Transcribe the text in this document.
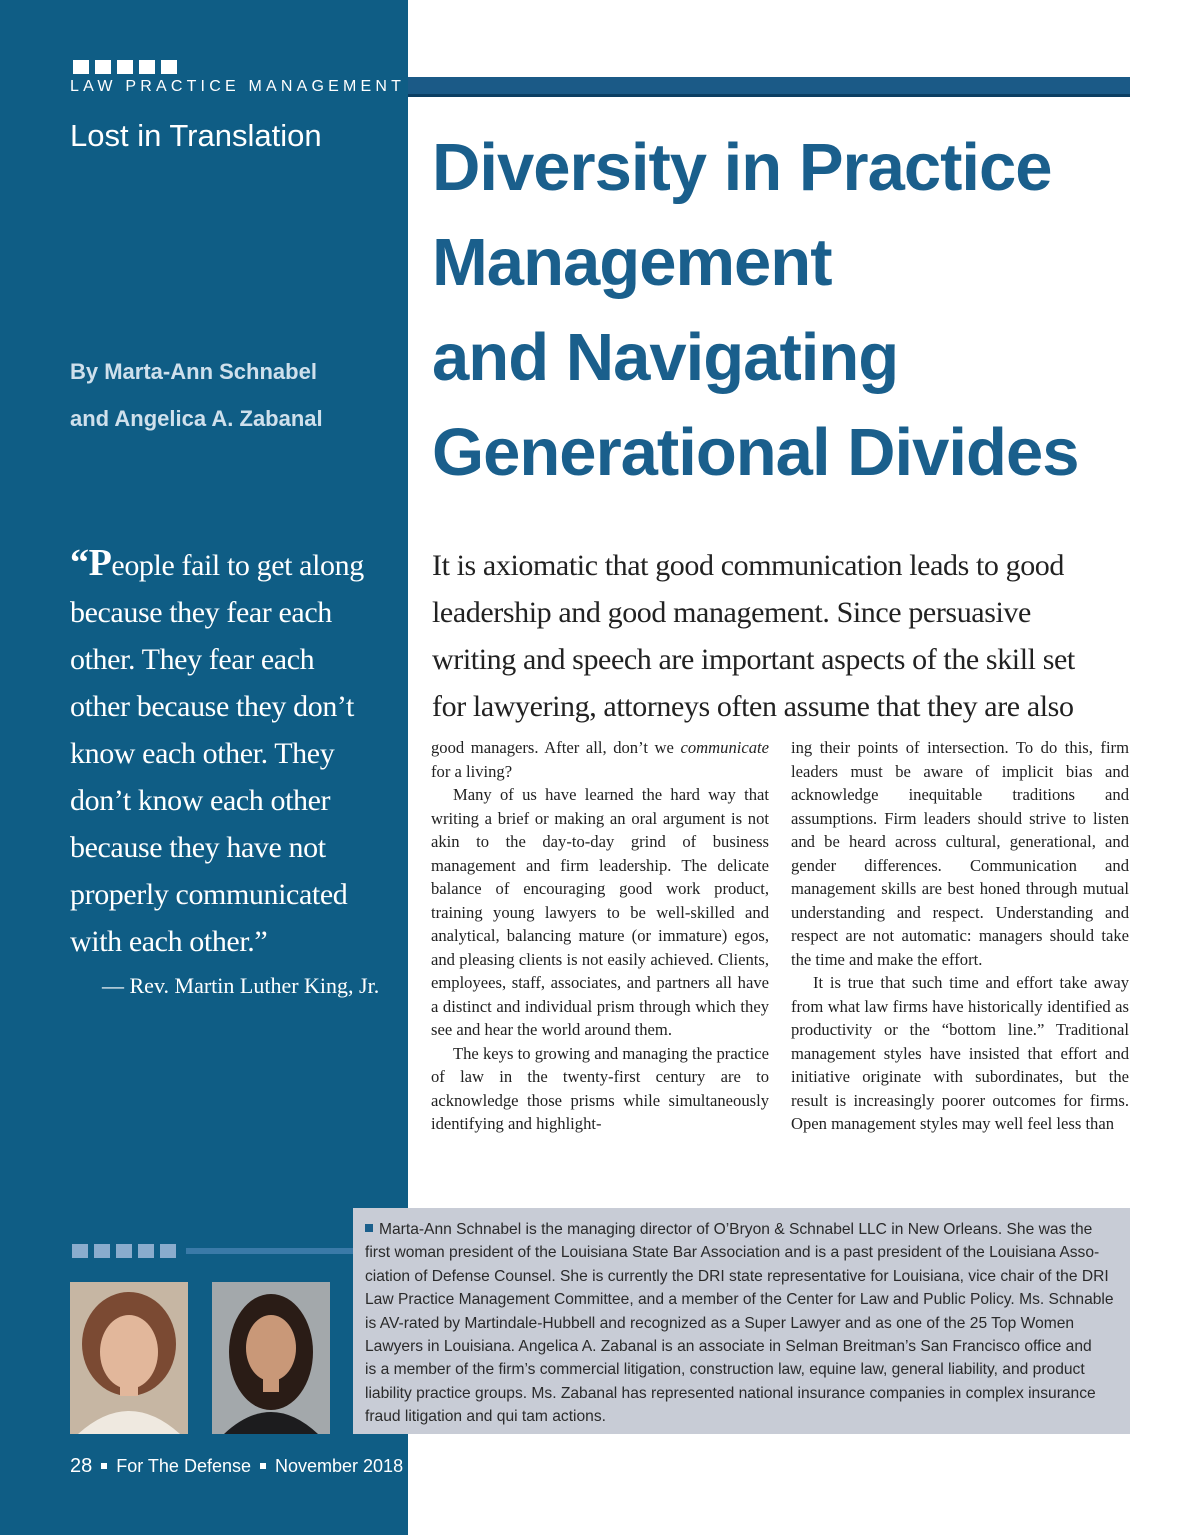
LAW PRACTICE MANAGEMENT
Lost in Translation
By Marta-Ann Schnabel
and Angelica A. Zabanal
Diversity in Practice
Management
and Navigating
Generational Divides
“People fail to get along
because they fear each
other. They fear each
other because they don’t
know each other. They
don’t know each other
because they have not
properly communicated
with each other.”
— Rev. Martin Luther King, Jr.
It is axiomatic that good communication leads to good
leadership and good management. Since persuasive
writing and speech are important aspects of the skill set
for lawyering, attorneys often assume that they are also

good managers. After all, don’t we communicate for a living?

Many of us have learned the hard way that writing a brief or making an oral argument is not akin to the day-to-day grind of business management and firm leadership. The delicate balance of encouraging good work product, training young lawyers to be well-skilled and analytical, balancing mature (or immature) egos, and pleasing clients is not easily achieved. Clients, employees, staff, associates, and partners all have a distinct and individual prism through which they see and hear the world around them.

The keys to growing and managing the practice of law in the twenty-first century are to acknowledge those prisms while simultaneously identifying and highlight-

ing their points of intersection. To do this, firm leaders must be aware of implicit bias and acknowledge inequitable traditions and assumptions. Firm leaders should strive to listen and be heard across cultural, generational, and gender differences. Communication and management skills are best honed through mutual understanding and respect. Understanding and respect are not automatic: managers should take the time and make the effort.

It is true that such time and effort take away from what law firms have historically identified as productivity or the “bottom line.” Traditional management styles have insisted that effort and initiative originate with subordinates, but the result is increasingly poorer outcomes for firms. Open management styles may well feel less than

Marta-Ann Schnabel is the managing director of O’Bryon & Schnabel LLC in New Orleans. She was the
first woman president of the Louisiana State Bar Association and is a past president of the Louisiana Asso-
ciation of Defense Counsel. She is currently the DRI state representative for Louisiana, vice chair of the DRI
Law Practice Management Committee, and a member of the Center for Law and Public Policy. Ms. Schnable
is AV-rated by Martindale-Hubbell and recognized as a Super Lawyer and as one of the 25 Top Women
Lawyers in Louisiana. Angelica A. Zabanal is an associate in Selman Breitman’s San Francisco office and
is a member of the firm’s commercial litigation, construction law, equine law, general liability, and product
liability practice groups. Ms. Zabanal has represented national insurance companies in complex insurance
fraud litigation and qui tam actions.
28 For The Defense November 2018
